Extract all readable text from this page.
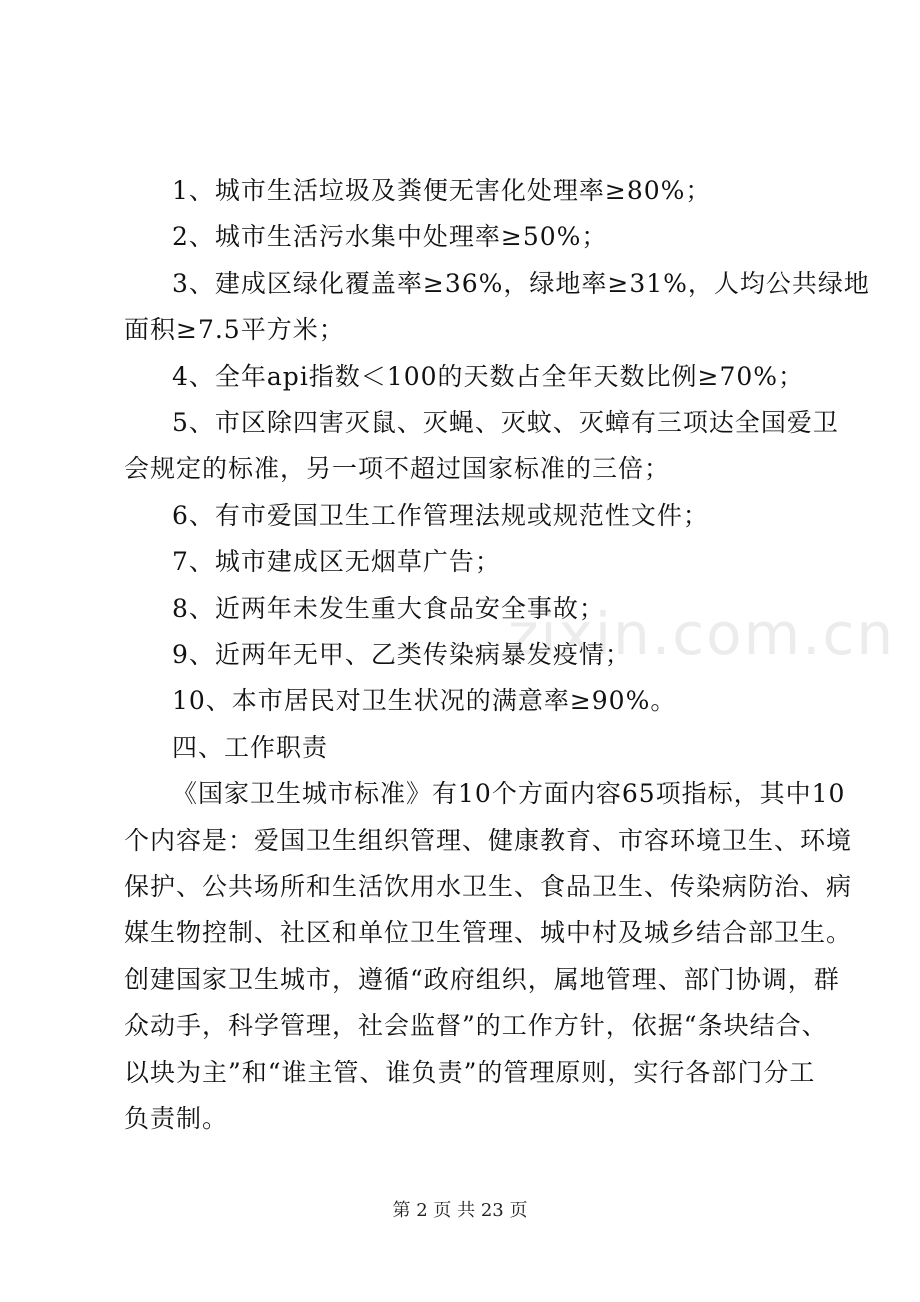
1、城市生活垃圾及粪便无害化处理率≥80%；
2、城市生活污水集中处理率≥50%；
3、建成区绿化覆盖率≥36%，绿地率≥31%，人均公共绿地
面积≥7.5平方米；
4、全年api指数＜100的天数占全年天数比例≥70%；
5、市区除四害灭鼠、灭蝇、灭蚊、灭蟑有三项达全国爱卫
会规定的标准，另一项不超过国家标准的三倍；
6、有市爱国卫生工作管理法规或规范性文件；
7、城市建成区无烟草广告；
8、近两年未发生重大食品安全事故；
9、近两年无甲、乙类传染病暴发疫情；
10、本市居民对卫生状况的满意率≥90%。
四、工作职责
《国家卫生城市标准》有10个方面内容65项指标，其中10
个内容是：爱国卫生组织管理、健康教育、市容环境卫生、环境
保护、公共场所和生活饮用水卫生、食品卫生、传染病防治、病
媒生物控制、社区和单位卫生管理、城中村及城乡结合部卫生。
创建国家卫生城市，遵循“政府组织，属地管理、部门协调，群
众动手，科学管理，社会监督”的工作方针，依据“条块结合、
以块为主”和“谁主管、谁负责”的管理原则，实行各部门分工
负责制。
zixin.com.cn
第 2 页 共 23 页
